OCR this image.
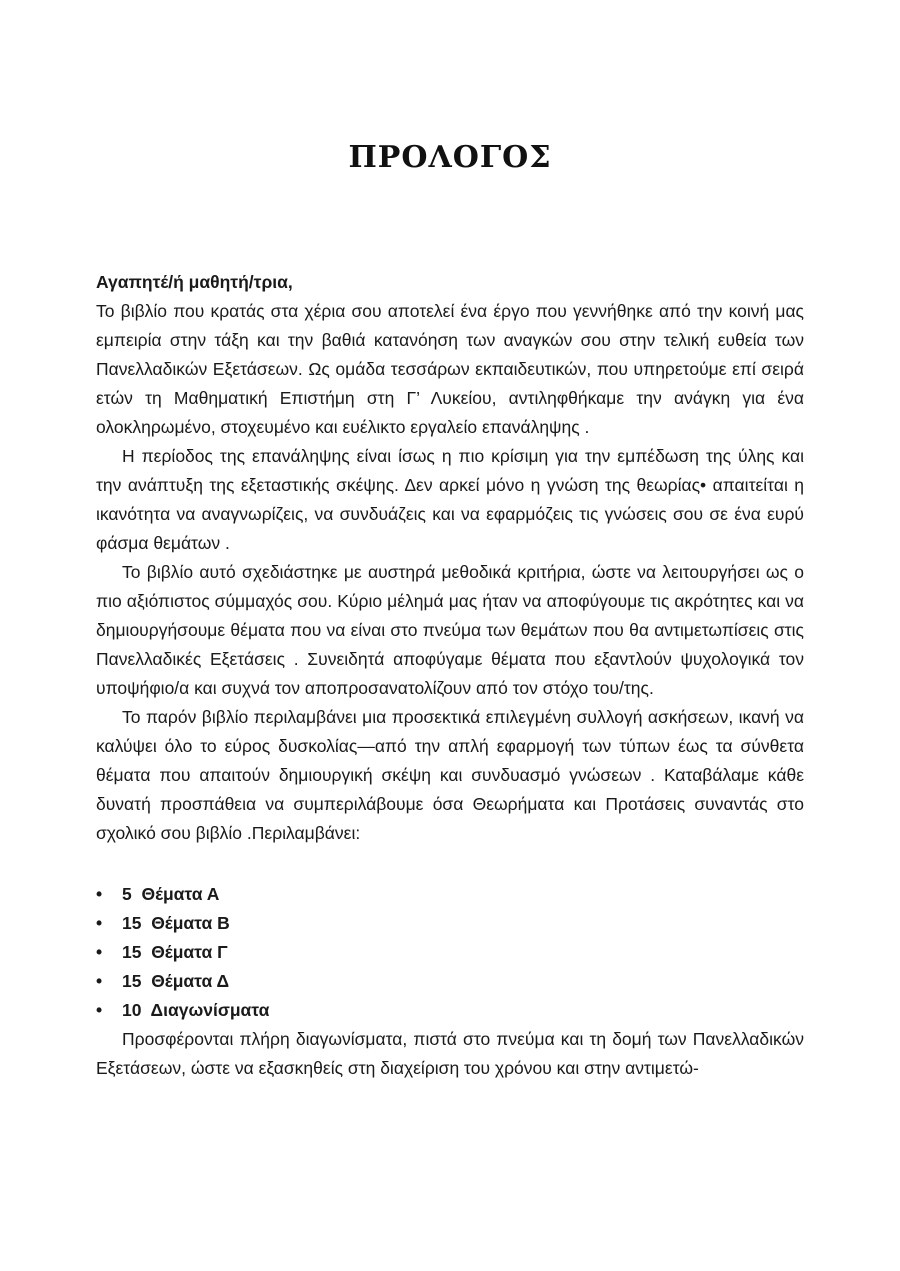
ΠΡΟΛΟΓΟΣ
Αγαπητέ/ή μαθητή/τρια,

Το βιβλίο που κρατάς στα χέρια σου αποτελεί ένα έργο που γεννήθηκε από την κοινή μας εμπειρία στην τάξη και την βαθιά κατανόηση των αναγκών σου στην τελική ευθεία των Πανελλαδικών Εξετάσεων. Ως ομάδα τεσσάρων εκπαιδευτικών, που υπηρετούμε επί σειρά ετών τη Μαθηματική Επιστήμη στη Γ’ Λυκείου, αντιληφθήκαμε την ανάγκη για ένα ολοκληρωμένο, στοχευμένο και ευέλικτο εργαλείο επανάληψης .

Η περίοδος της επανάληψης είναι ίσως η πιο κρίσιμη για την εμπέδωση της ύλης και την ανάπτυξη της εξεταστικής σκέψης. Δεν αρκεί μόνο η γνώση της θεωρίας• απαιτείται η ικανότητα να αναγνωρίζεις, να συνδυάζεις και να εφαρμόζεις τις γνώσεις σου σε ένα ευρύ φάσμα θεμάτων .

Το βιβλίο αυτό σχεδιάστηκε με αυστηρά μεθοδικά κριτήρια, ώστε να λειτουργήσει ως ο πιο αξιόπιστος σύμμαχός σου. Κύριο μέλημά μας ήταν να αποφύγουμε τις ακρότητες και να δημιουργήσουμε θέματα που να είναι στο πνεύμα των θεμάτων που θα αντιμετωπίσεις στις Πανελλαδικές Εξετάσεις . Συνειδητά αποφύγαμε θέματα που εξαντλούν ψυχολογικά τον υποψήφιο/α και συχνά τον αποπροσανατολίζουν από τον στόχο του/της.

Το παρόν βιβλίο περιλαμβάνει μια προσεκτικά επιλεγμένη συλλογή ασκήσεων, ικανή να καλύψει όλο το εύρος δυσκολίας—από την απλή εφαρμογή των τύπων έως τα σύνθετα θέματα που απαιτούν δημιουργική σκέψη και συνδυασμό γνώσεων . Καταβάλαμε κάθε δυνατή προσπάθεια να συμπεριλάβουμε όσα Θεωρήματα και Προτάσεις συναντάς στο σχολικό σου βιβλίο .Περιλαμβάνει:

• 5  Θέματα Α
• 15  Θέματα Β
• 15  Θέματα Γ
• 15  Θέματα Δ
• 10  Διαγωνίσματα

Προσφέρονται πλήρη διαγωνίσματα, πιστά στο πνεύμα και τη δομή των Πανελλαδικών Εξετάσεων, ώστε να εξασκηθείς στη διαχείριση του χρόνου και στην αντιμετώ-
